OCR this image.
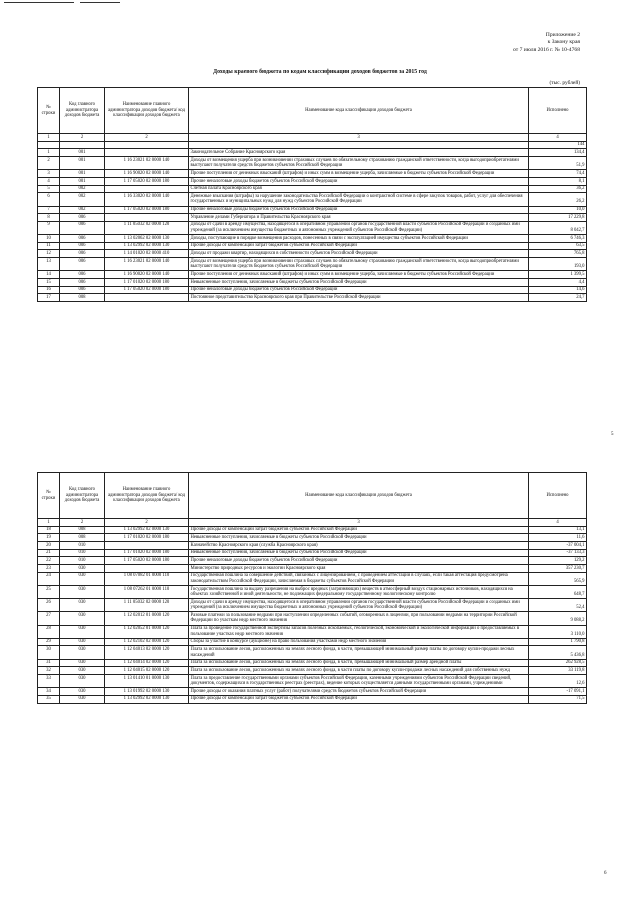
Приложение 2
к Закону края
от 7 июля 2016 г. № 10-4768
Доходы краевого бюджета по кодам классификации доходов бюджетов за 2015 год
(тыс. рублей)
№ строки	Код главного администратора доходов бюджета	Наименование главного администратора доходов бюджета/ код классификации доходов бюджета	Наименование кода классификации доходов бюджета	Исполнено
1	2	2	3	4
				144
1	001		Законодательное Собрание Красноярского края	134,4
2	001	1 16 23021 02 0000 140	Доходы от возмещения ущерба при возникновении страховых случаев по обязательному страхованию гражданской ответственности, когда выгодоприобретателями выступают получатели средств бюджетов субъектов Российской Федерации	51,9
3	001	1 16 90020 02 0000 140	Прочие поступления от денежных взысканий (штрафов) и иных сумм в возмещение ущерба, зачисляемые в бюджеты субъектов Российской Федерации	74,4
4	001	1 17 05020 02 0000 180	Прочие неналоговые доходы бюджетов субъектов Российской Федерации	8,1
5	002		Счетная палата Красноярского края	36,2
6	002	1 16 33020 02 0000 140	Денежные взыскания (штрафы) за нарушение законодательства Российской Федерации о контрактной системе в сфере закупок товаров, работ, услуг для обеспечения государственных и муниципальных нужд для нужд субъектов Российской Федерации	26,2
7	002	1 17 05020 02 0000 180	Прочие неналоговые доходы бюджетов субъектов Российской Федерации	10,0
8	006		Управление делами Губернатора и Правительства Красноярского края	17 229,8
9	006	1 11 05032 02 0000 120	Доходы от сдачи в аренду имущества, находящегося в оперативном управлении органов государственной власти субъектов Российской Федерации и созданных ими учреждений (за исключением имущества бюджетных и автономных учреждений субъектов Российской Федерации)	8 042,7
10	006	1 13 02062 02 0000 130	Доходы, поступающие в порядке возмещения расходов, понесенных в связи с эксплуатацией имущества субъектов Российской Федерации	6 746,3
11	006	1 13 02992 02 0000 130	Прочие доходы от компенсации затрат бюджетов субъектов Российской Федерации	63,5
12	006	1 14 01020 02 0000 410	Доходы от продажи квартир, находящихся в собственности субъектов Российской Федерации	765,8
13	006	1 16 23021 02 0000 140	Доходы от возмещения ущерба при возникновении страховых случаев по обязательному страхованию гражданской ответственности, когда выгодоприобретателями выступают получатели средств бюджетов субъектов Российской Федерации	193,0
14	006	1 16 90020 02 0000 140	Прочие поступления от денежных взысканий (штрафов) и иных сумм в возмещение ущерба, зачисляемые в бюджеты субъектов Российской Федерации	1 399,5
15	006	1 17 01020 02 0000 180	Невыясненные поступления, зачисляемые в бюджеты субъектов Российской Федерации	4,4
16	006	1 17 05020 02 0000 180	Прочие неналоговые доходы бюджетов субъектов Российской Федерации	14,6
17	008		Постоянное представительство Красноярского края при Правительстве Российской Федерации	24,7
5
№ строки	Код главного администратора доходов бюджета	Наименование главного администратора доходов бюджета/ код классификации доходов бюджета	Наименование кода классификации доходов бюджета	Исполнено
1	2	2	3	4
18	008	1 13 02992 02 0000 130	Прочие доходы от компенсации затрат бюджетов субъектов Российской Федерации	13,1
19	008	1 17 01020 02 0000 180	Невыясненные поступления, зачисляемые в бюджеты субъектов Российской Федерации	11,6
20	010		Казначейство Красноярского края (служба Красноярского края)	-37 004,1
21	010	1 17 01020 02 0000 180	Невыясненные поступления, зачисляемые в бюджеты субъектов Российской Федерации	-37 133,3
22	010	1 17 05020 02 0000 180	Прочие неналоговые доходы бюджетов субъектов Российской Федерации	129,2
23	030		Министерство природных ресурсов и экологии Красноярского края	357 230,7
24	030	1 08 07082 01 0000 110	Государственная пошлина за совершение действий, связанных с лицензированием, с проведением аттестации в случаях, если такая аттестация предусмотрена законодательством Российской Федерации, зачисляемая в бюджеты субъектов Российской Федерации	565,9
25	030	1 08 07262 01 0000 110	Государственная пошлина за выдачу разрешения на выброс вредных (загрязняющих) веществ в атмосферный воздух стационарных источников, находящихся на объектах хозяйственной и иной деятельности, не подлежащих федеральному государственному экологическому контролю	648,7
26	030	1 11 05032 02 0000 120	Доходы от сдачи в аренду имущества, находящегося в оперативном управлении органов государственной власти субъектов Российской Федерации и созданных ими учреждений (за исключением имущества бюджетных и автономных учреждений субъектов Российской Федерации)	52,4
27	030	1 12 02012 01 0000 120	Разовые платежи за пользование недрами при наступлении определенных событий, оговоренных в лицензии, при пользовании недрами на территории Российской Федерации по участкам недр местного значения	9 088,2
28	030	1 12 02052 01 0000 120	Плата за проведение государственной экспертизы запасов полезных ископаемых, геологической, экономической и экологической информации о предоставляемых в пользование участках недр местного значения	3 110,0
29	030	1 12 02102 02 0000 120	Сборы за участие в конкурсе (аукционе) на право пользования участками недр местного значения	1 790,8
30	030	1 12 04013 02 0000 120	Плата за использование лесов, расположенных на землях лесного фонда, в части, превышающей минимальный размер платы по договору купли-продажи лесных насаждений	5 436,8
31	030	1 12 04014 02 0000 120	Плата за использование лесов, расположенных на землях лесного фонда, в части, превышающей минимальный размер арендной платы	262 928,5
32	030	1 12 04015 02 0000 120	Плата за использование лесов, расположенных на землях лесного фонда, в части платы по договору купли-продажи лесных насаждений для собственных нужд	33 119,8
33	030	1 13 01410 01 0000 130	Плата за предоставление государственными органами субъектов Российской Федерации, казенными учреждениями субъектов Российской Федерации сведений, документов, содержащихся в государственных реестрах (реестрах), ведение которых осуществляется данными государственными органами, учреждениями	12,6
34	030	1 13 01992 02 0000 130	Прочие доходы от оказания платных услуг (работ) получателями средств бюджетов субъектов Российской Федерации	-17 091,1
35	030	1 13 02992 02 0000 130	Прочие доходы от компенсации затрат бюджетов субъектов Российской Федерации	71,5
6
